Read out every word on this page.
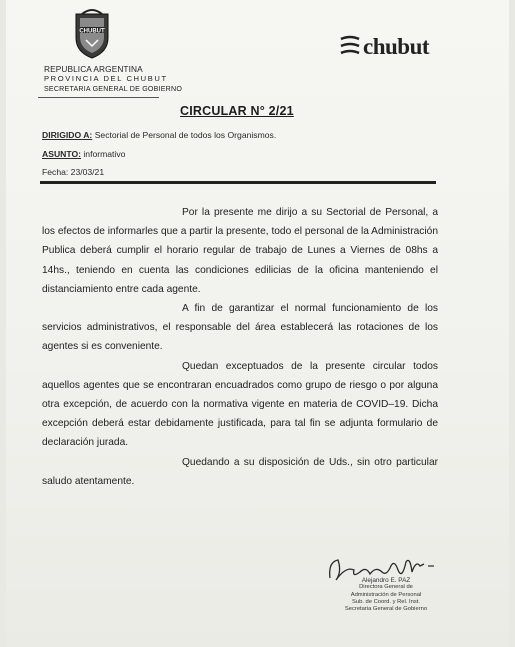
CHUBUT
REPUBLICA ARGENTINA
PROVINCIA DEL CHUBUT
SECRETARIA GENERAL DE GOBIERNO
chubut
CIRCULAR N° 2/21
DIRIGIDO A: Sectorial de Personal de todos los Organismos.
ASUNTO: informativo
Fecha: 23/03/21

Por la presente me dirijo a su Sectorial de Personal, a los efectos de informarles que a partir la presente, todo el personal de la Administración Publica deberá cumplir el horario regular de trabajo de Lunes a Viernes de 08hs a 14hs., teniendo en cuenta las condiciones edilicias de la oficina manteniendo el distanciamiento entre cada agente.

A fin de garantizar el normal funcionamiento de los servicios administrativos, el responsable del área establecerá las rotaciones de los agentes si es conveniente.

Quedan exceptuados de la presente circular todos aquellos agentes que se encontraran encuadrados como grupo de riesgo o por alguna otra excepción, de acuerdo con la normativa vigente en materia de COVID–19. Dicha excepción deberá estar debidamente justificada, para tal fin se adjunta formulario de declaración jurada.

Quedando a su disposición de Uds., sin otro particular saludo atentamente.

Alejandro E. PAZ
Directora General de
Administración de Personal
Sub. de Coord. y Rel. Inst.
Secretaria General de Gobierno
